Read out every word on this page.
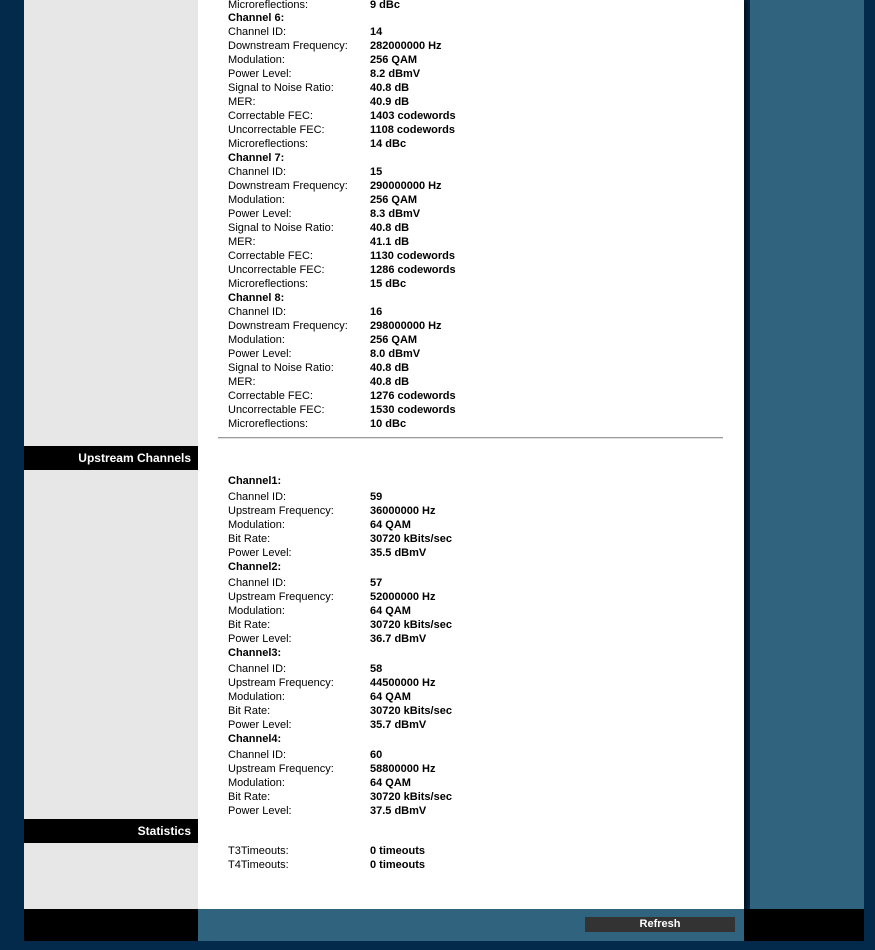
Microreflections:	9 dBc
Channel 6:
Channel ID:	14
Downstream Frequency: 282000000 Hz
Modulation:	256 QAM
Power Level:	8.2 dBmV
Signal to Noise Ratio:	40.8 dB
MER:	40.9 dB
Correctable FEC:	1403 codewords
Uncorrectable FEC:	1108 codewords
Microreflections:	14 dBc
Channel 7:
Channel ID:	15
Downstream Frequency: 290000000 Hz
Modulation:	256 QAM
Power Level:	8.3 dBmV
Signal to Noise Ratio:	40.8 dB
MER:	41.1 dB
Correctable FEC:	1130 codewords
Uncorrectable FEC:	1286 codewords
Microreflections:	15 dBc
Channel 8:
Channel ID:	16
Downstream Frequency: 298000000 Hz
Modulation:	256 QAM
Power Level:	8.0 dBmV
Signal to Noise Ratio:	40.8 dB
MER:	40.8 dB
Correctable FEC:	1276 codewords
Uncorrectable FEC:	1530 codewords
Microreflections:	10 dBc
Upstream Channels
Channel1:
Channel ID:	59
Upstream Frequency:	36000000 Hz
Modulation:	64 QAM
Bit Rate:	30720 kBits/sec
Power Level:	35.5 dBmV
Channel2:
Channel ID:	57
Upstream Frequency:	52000000 Hz
Modulation:	64 QAM
Bit Rate:	30720 kBits/sec
Power Level:	36.7 dBmV
Channel3:
Channel ID:	58
Upstream Frequency:	44500000 Hz
Modulation:	64 QAM
Bit Rate:	30720 kBits/sec
Power Level:	35.7 dBmV
Channel4:
Channel ID:	60
Upstream Frequency:	58800000 Hz
Modulation:	64 QAM
Bit Rate:	30720 kBits/sec
Power Level:	37.5 dBmV
Statistics
T3Timeouts:	0 timeouts
T4Timeouts:	0 timeouts
Refresh
